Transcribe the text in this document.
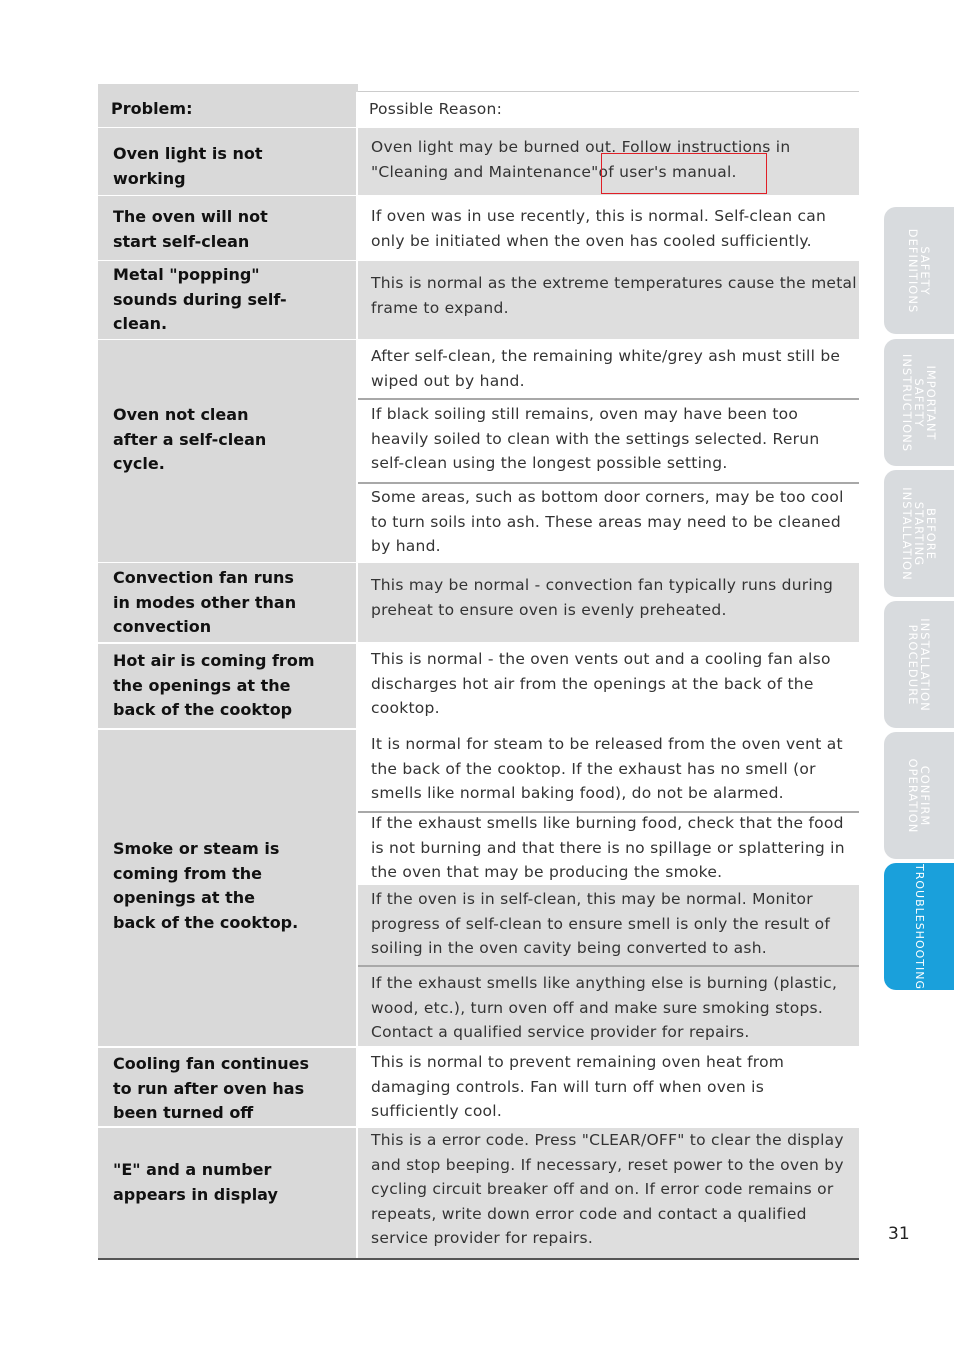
Problem:	Possible Reason:
Oven light is not
working
Oven light may be burned out. Follow instructions in "Cleaning and Maintenance"of user's manual.
The oven will not
start self-clean
If oven was in use recently, this is normal. Self-clean can only be initiated when the oven has cooled sufficiently.
Metal "popping"
sounds during self-
clean.
This is normal as the extreme temperatures cause the metal frame to expand.
Oven not clean
after a self-clean
cycle.
After self-clean, the remaining white/grey ash must still be wiped out by hand.
If black soiling still remains, oven may have been too heavily soiled to clean with the settings selected. Rerun self-clean using the longest possible setting.
Some areas, such as bottom door corners, may be too cool to turn soils into ash. These areas may need to be cleaned by hand.
Convection fan runs
in modes other than
convection
This may be normal - convection fan typically runs during preheat to ensure oven is evenly preheated.
Hot air is coming from
the openings at the
back of the cooktop
This is normal - the oven vents out and a cooling fan also discharges hot air from the openings at the back of the cooktop.
Smoke or steam is
coming from the
openings at the
back of the cooktop.
It is normal for steam to be released from the oven vent at the back of the cooktop. If the exhaust has no smell (or smells like normal baking food), do not be alarmed.
If the exhaust smells like burning food, check that the food is not burning and that there is no spillage or splattering in the oven that may be producing the smoke.
If the oven is in self-clean, this may be normal. Monitor progress of self-clean to ensure smell is only the result of soiling in the oven cavity being converted to ash.
If the exhaust smells like anything else is burning (plastic, wood, etc.), turn oven off and make sure smoking stops. Contact a qualified service provider for repairs.
Cooling fan continues
to run after oven has
been turned off
This is normal to prevent remaining oven heat from damaging controls. Fan will turn off when oven is sufficiently cool.
"E" and a number
appears in display
This is a error code. Press "CLEAR/OFF" to clear the display and stop beeping. If necessary, reset power to the oven by cycling circuit breaker off and on. If error code remains or repeats, write down error code and contact a qualified service provider for repairs.
SAFETY
DEFINITIONS
IMPORTANT
SAFETY
INSTRUCTIONS
BEFORE
STARTING
INSTALLATION
INSTALLATION
PROCEDURE
CONFIRM
OPERATION
TROUBLESHOOTING
31
